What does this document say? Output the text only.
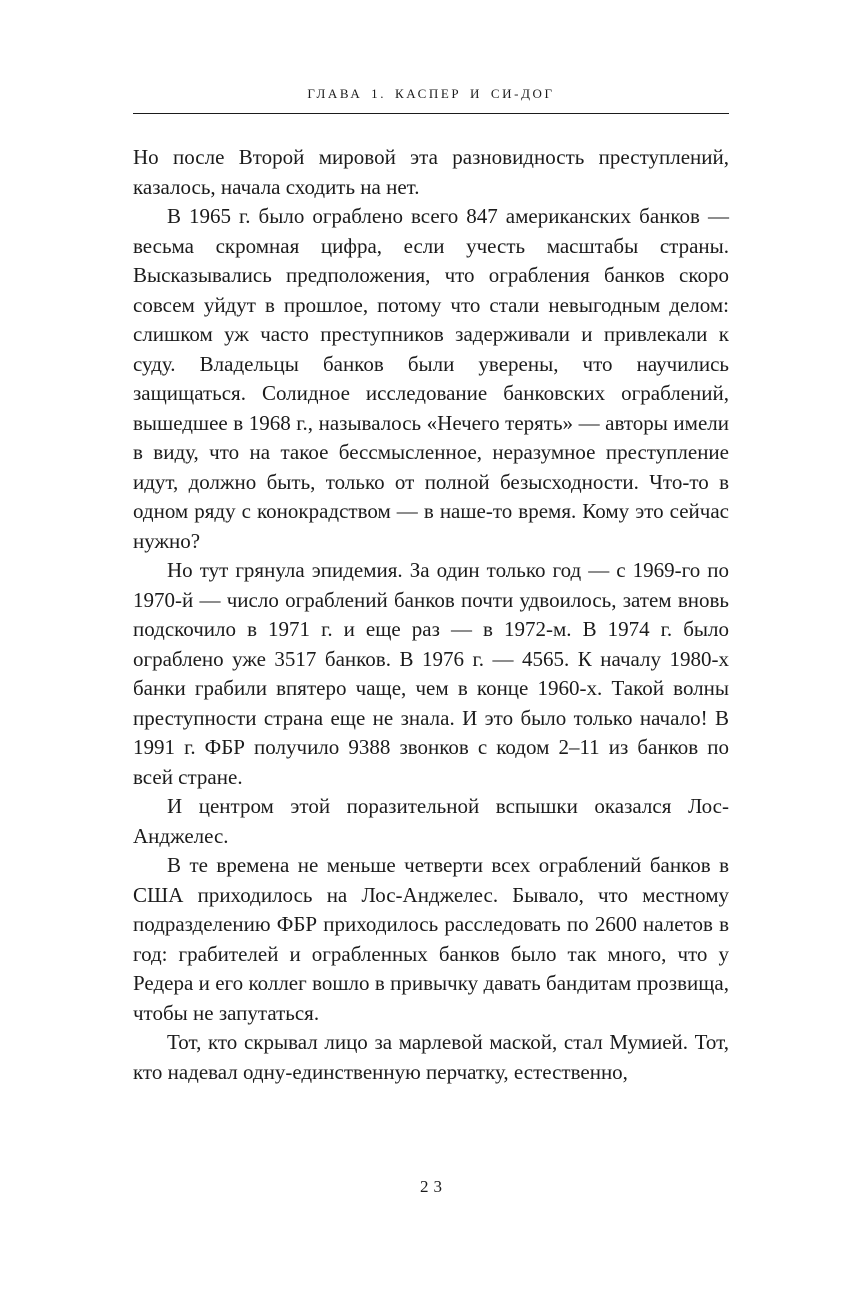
ГЛАВА 1. КАСПЕР И СИ-ДОГ

Но после Второй мировой эта разновидность преступлений, казалось, начала сходить на нет.

В 1965 г. было ограблено всего 847 американских банков — весьма скромная цифра, если учесть масштабы страны. Высказывались предположения, что ограбления банков скоро совсем уйдут в прошлое, потому что стали невыгодным делом: слишком уж часто преступников задерживали и привлекали к суду. Владельцы банков были уверены, что научились защищаться. Солидное исследование банковских ограблений, вышедшее в 1968 г., называлось «Нечего терять» — авторы имели в виду, что на такое бессмысленное, неразумное преступление идут, должно быть, только от полной безысходности. Что-то в одном ряду с конокрадством — в наше-то время. Кому это сейчас нужно?

Но тут грянула эпидемия. За один только год — с 1969-го по 1970-й — число ограблений банков почти удвоилось, затем вновь подскочило в 1971 г. и еще раз — в 1972-м. В 1974 г. было ограблено уже 3517 банков. В 1976 г. — 4565. К началу 1980-х банки грабили впятеро чаще, чем в конце 1960-х. Такой волны преступности страна еще не знала. И это было только начало! В 1991 г. ФБР получило 9388 звонков с кодом 2–11 из банков по всей стране.

И центром этой поразительной вспышки оказался Лос-Анджелес.

В те времена не меньше четверти всех ограблений банков в США приходилось на Лос-Анджелес. Бывало, что местному подразделению ФБР приходилось расследовать по 2600 налетов в год: грабителей и ограбленных банков было так много, что у Редера и его коллег вошло в привычку давать бандитам прозвища, чтобы не запутаться.

Тот, кто скрывал лицо за марлевой маской, стал Мумией. Тот, кто надевал одну-единственную перчатку, естественно,

23
